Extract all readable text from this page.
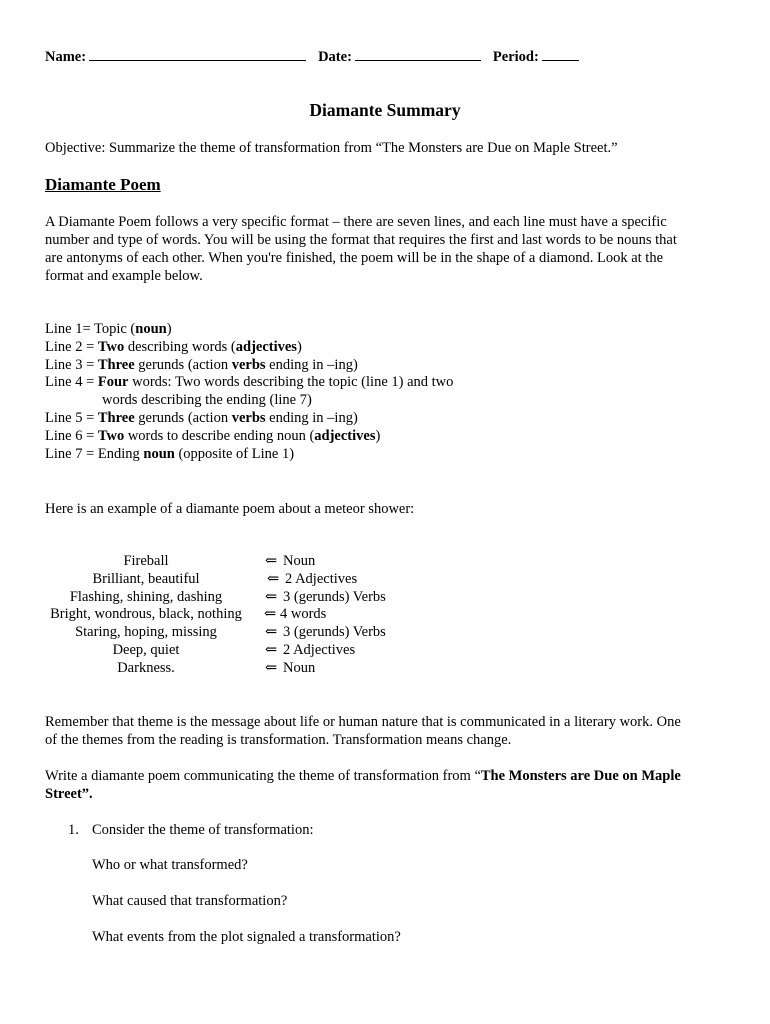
Name:	Date:	Period:
Diamante Summary
Objective: Summarize the theme of transformation from “The Monsters are Due on Maple Street.”
Diamante Poem

A Diamante Poem follows a very specific format – there are seven lines, and each line must have a specific

number and type of words. You will be using the format that requires the first and last words to be nouns that

are antonyms of each other. When you're finished, the poem will be in the shape of a diamond. Look at the

format and example below.

Line 1= Topic (noun)
Line 2 = Two describing words (adjectives)
Line 3 = Three gerunds (action verbs ending in –ing)
Line 4 = Four words: Two words describing the topic (line 1) and two
words describing the ending (line 7)
Line 5 = Three gerunds (action verbs ending in –ing)
Line 6 = Two words to describe ending noun (adjectives)
Line 7 = Ending noun (opposite of Line 1)
Here is an example of a diamante poem about a meteor shower:
Fireball
Brilliant, beautiful
Flashing, shining, dashing
Bright, wondrous, black, nothing
Staring, hoping, missing
Deep, quiet
Darkness.
⇐ Noun
⇐ 2 Adjectives
⇐ 3 (gerunds) Verbs
⇐ 4 words
⇐ 3 (gerunds) Verbs
⇐ 2 Adjectives
⇐ Noun

Remember that theme is the message about life or human nature that is communicated in a literary work. One

of the themes from the reading is transformation. Transformation means change.

Write a diamante poem communicating the theme of transformation from “The Monsters are Due on Maple

Street”.

1. Consider the theme of transformation:
Who or what transformed?
What caused that transformation?
What events from the plot signaled a transformation?
